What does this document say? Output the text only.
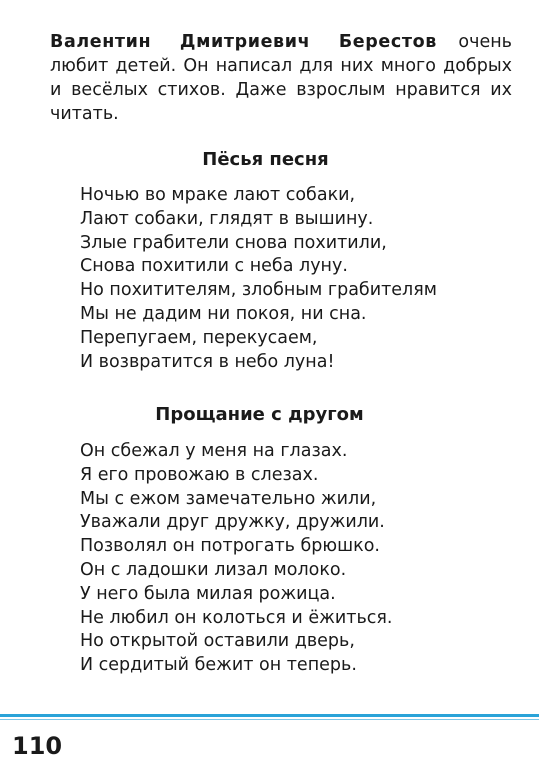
Валентин Дмитриевич Берестов очень любит детей. Он написал для них много добрых и весёлых стихов. Даже взрослым нравится их читать.

Пёсья песня
Ночью во мраке лают собаки,
Лают собаки, глядят в вышину.
Злые грабители снова похитили,
Снова похитили с неба луну.
Но похитителям, злобным грабителям
Мы не дадим ни покоя, ни сна.
Перепугаем, перекусаем,
И возвратится в небо луна!
Прощание с другом
Он сбежал у меня на глазах.
Я его провожаю в слезах.
Мы с ежом замечательно жили,
Уважали друг дружку, дружили.
Позволял он потрогать брюшко.
Он с ладошки лизал молоко.
У него была милая рожица.
Не любил он колоться и ёжиться.
Но открытой оставили дверь,
И сердитый бежит он теперь.

110
